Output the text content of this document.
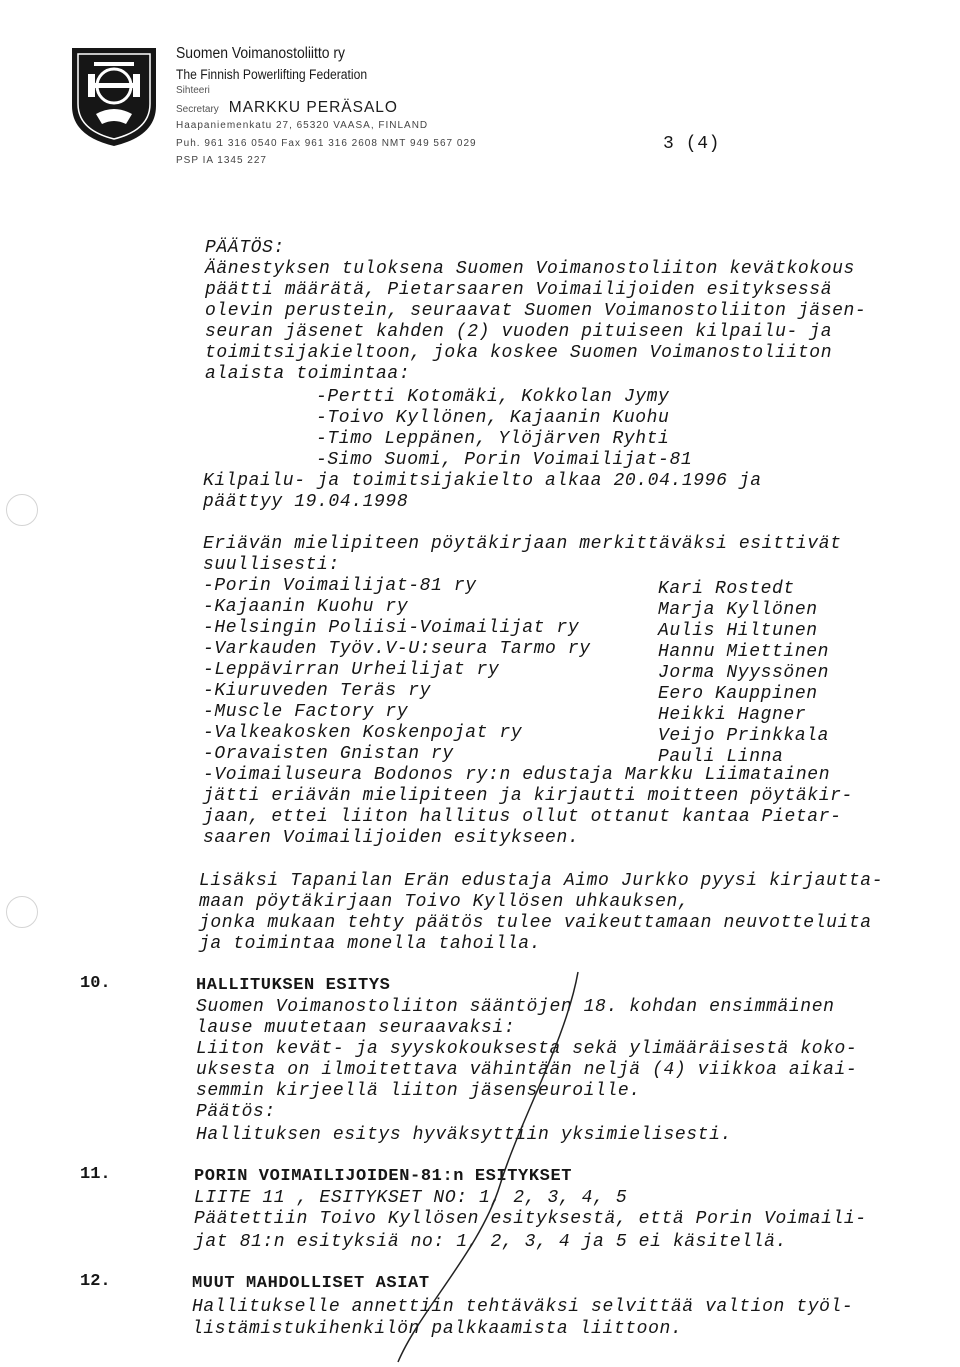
Suomen Voimanostoliitto ry
The Finnish Powerlifting Federation
Sihteeri
Secretary MARKKU PERÄSALO
Haapaniemenkatu 27, 65320 VAASA, FINLAND
Puh. 961 316 0540 Fax 961 316 2608 NMT 949 567 029
PSP IA 1345 227
3 (4)
PÄÄTÖS:
Äänestyksen tuloksena Suomen Voimanostoliiton kevätkokous
päätti määrätä, Pietarsaaren Voimailijoiden esityksessä
olevin perustein, seuraavat Suomen Voimanostoliiton jäsen-
seuran jäsenet kahden (2) vuoden pituiseen kilpailu- ja
toimitsijakieltoon, joka koskee Suomen Voimanostoliiton
alaista toimintaa:
-Pertti Kotomäki, Kokkolan Jymy
-Toivo Kyllönen, Kajaanin Kuohu
-Timo Leppänen, Ylöjärven Ryhti
-Simo Suomi, Porin Voimailijat-81
Kilpailu- ja toimitsijakielto alkaa 20.04.1996 ja
päättyy 19.04.1998
Eriävän mielipiteen pöytäkirjaan merkittäväksi esittivät
suullisesti:
-Porin Voimailijat-81 ry	Kari Rostedt
-Kajaanin Kuohu ry	Marja Kyllönen
-Helsingin Poliisi-Voimailijat ry	Aulis Hiltunen
-Varkauden Työv.V-U:seura Tarmo ry	Hannu Miettinen
-Leppävirran Urheilijat ry	Jorma Nyyssönen
-Kiuruveden Teräs ry	Eero Kauppinen
-Muscle Factory ry	Heikki Hagner
-Valkeakosken Koskenpojat ry	Veijo Prinkkala
-Oravaisten Gnistan ry	Pauli Linna
-Voimailuseura Bodonos ry:n edustaja Markku Liimatainen
jätti eriävän mielipiteen ja kirjautti moitteen pöytäkir-
jaan, ettei liiton hallitus ollut ottanut kantaa Pietar-
saaren Voimailijoiden esitykseen.
Lisäksi Tapanilan Erän edustaja Aimo Jurkko pyysi kirjautta-
maan pöytäkirjaan Toivo Kyllösen uhkauksen,
jonka mukaan tehty päätös tulee vaikeuttamaan neuvotteluita
ja toimintaa monella tahoilla.
10.	HALLITUKSEN ESITYS
Suomen Voimanostoliiton sääntöjen 18. kohdan ensimmäinen
lause muutetaan seuraavaksi:
Liiton kevät- ja syyskokouksesta sekä ylimääräisestä koko-
uksesta on ilmoitettava vähintään neljä (4) viikkoa aikai-
semmin kirjeellä liiton jäsenseuroille.
Päätös:
Hallituksen esitys hyväksyttiin yksimielisesti.
11.	PORIN VOIMAILIJOIDEN-81:n ESITYKSET
LIITE 11 , ESITYKSET NO: 1, 2, 3, 4, 5
Päätettiin Toivo Kyllösen esityksestä, että Porin Voimaili-
jat 81:n esityksiä no: 1, 2, 3, 4 ja 5 ei käsitellä.
12.	MUUT MAHDOLLISET ASIAT
Hallitukselle annettiin tehtäväksi selvittää valtion työl-
listämistukihenkilön palkkaamista liittoon.
